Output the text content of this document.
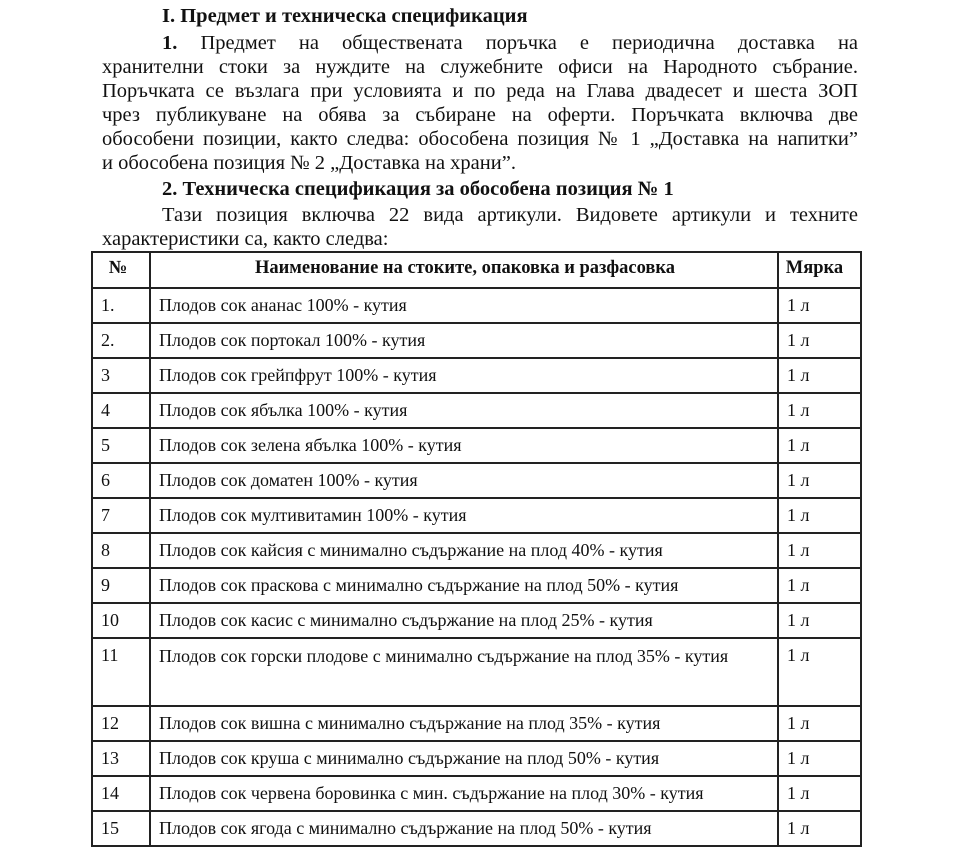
I. Предмет и техническа спецификация
1. Предмет на обществената поръчка е периодична доставка на
хранителни стоки за нуждите на служебните офиси на Народното събрание.
Поръчката се възлага при условията и по реда на Глава двадесет и шеста ЗОП
чрез публикуване на обява за събиране на оферти. Поръчката включва две
обособени позиции, както следва: обособена позиция № 1 „Доставка на напитки”
и обособена позиция № 2 „Доставка на храни”.
2. Техническа спецификация за обособена позиция № 1
Тази позиция включва 22 вида артикули. Видовете артикули и техните
характеристики са, както следва:
№	Наименование на стоките, опаковка и разфасовка	Мярка
1.	Плодов сок ананас 100% - кутия	1 л
2.	Плодов сок портокал 100% - кутия	1 л
3	Плодов сок грейпфрут 100% - кутия	1 л
4	Плодов сок ябълка 100% - кутия	1 л
5	Плодов сок зелена ябълка 100% - кутия	1 л
6	Плодов сок доматен 100% - кутия	1 л
7	Плодов сок мултивитамин 100% - кутия	1 л
8	Плодов сок кайсия с минимално съдържание на плод 40% - кутия	1 л
9	Плодов сок праскова с минимално съдържание на плод 50% - кутия	1 л
10	Плодов сок касис с минимално съдържание на плод 25% - кутия	1 л
11	Плодов сок горски плодове с минимално съдържание на плод 35% - кутия	1 л
12	Плодов сок вишна с минимално съдържание на плод 35% - кутия	1 л
13	Плодов сок круша с минимално съдържание на плод 50% - кутия	1 л
14	Плодов сок червена боровинка с мин. съдържание на плод 30% - кутия	1 л
15	Плодов сок ягода с минимално съдържание на плод 50% - кутия	1 л
